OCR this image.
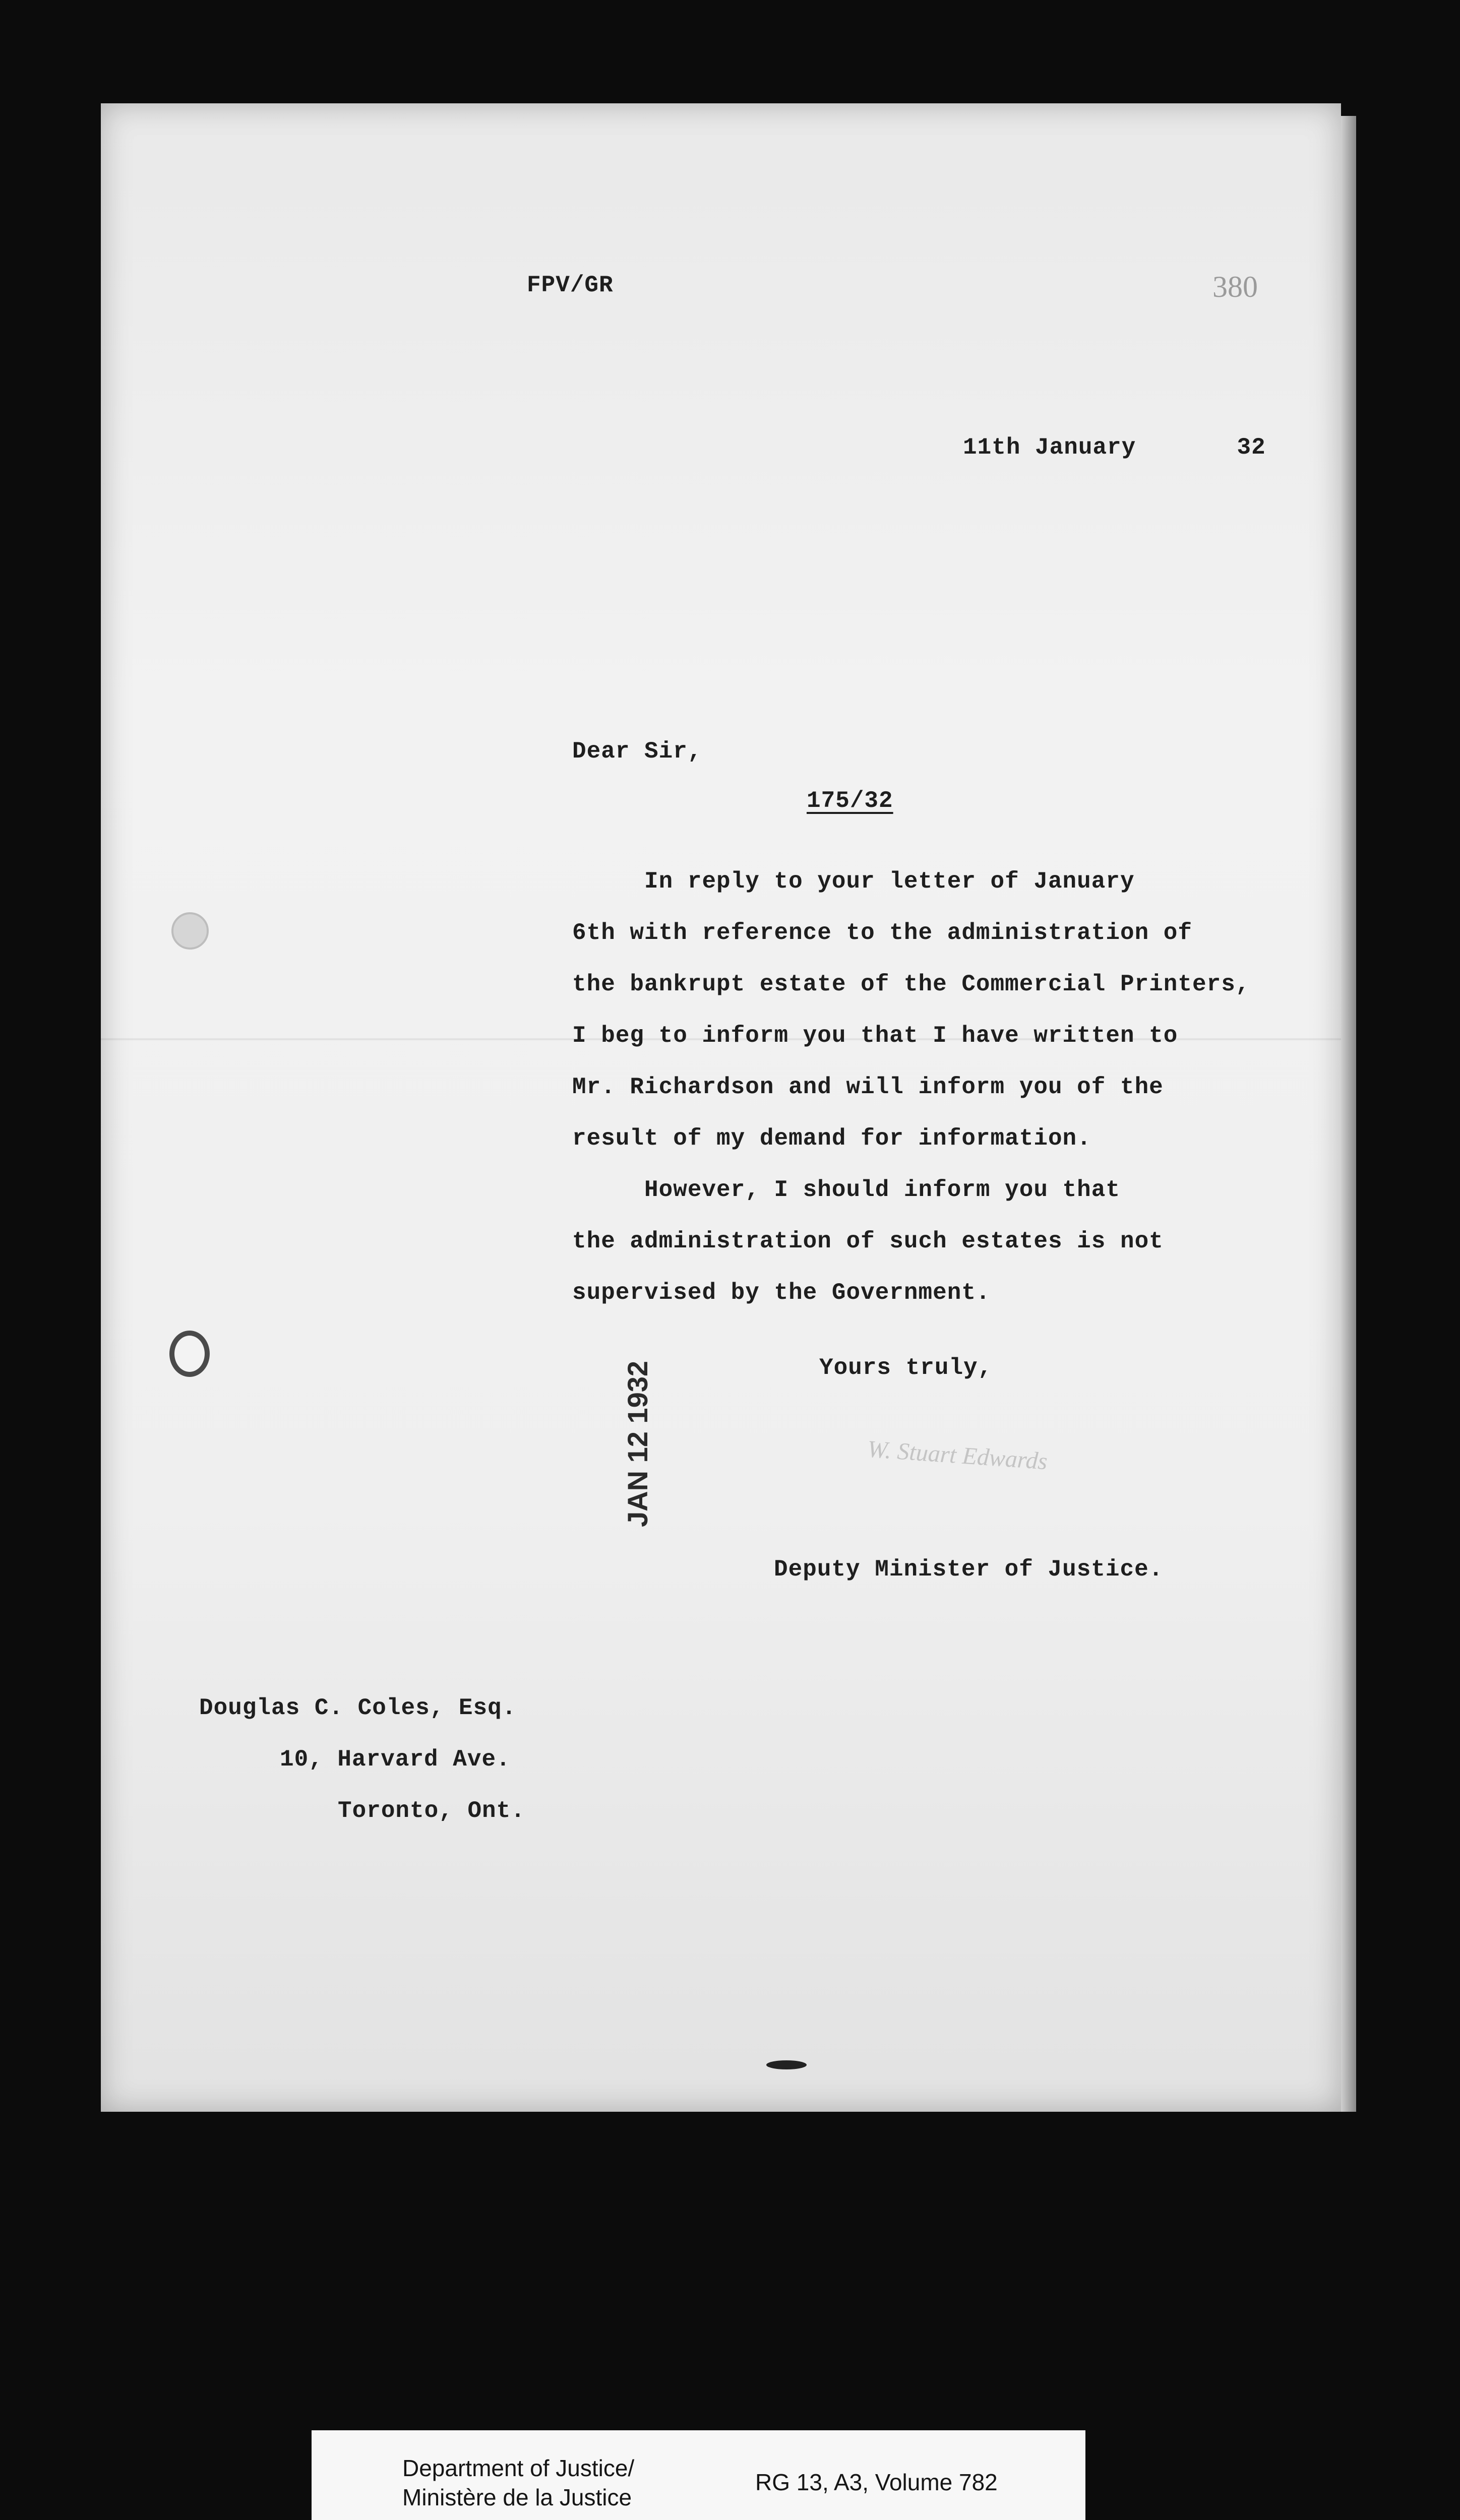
FPV/GR	380
11th January       32
Dear Sir,
175/32
In reply to your letter of January
6th with reference to the administration of
the bankrupt estate of the Commercial Printers,
I beg to inform you that I have written to
Mr. Richardson and will inform you of the
result of my demand for information.
However, I should inform you that
the administration of such estates is not
supervised by the Government.
Yours truly,
W. Stuart Edwards
JAN 12 1932
Deputy Minister of Justice.
Douglas C. Coles, Esq.
10, Harvard Ave.
Toronto, Ont.
Department of Justice/
Ministère de la Justice
RG 13, A3, Volume 782
